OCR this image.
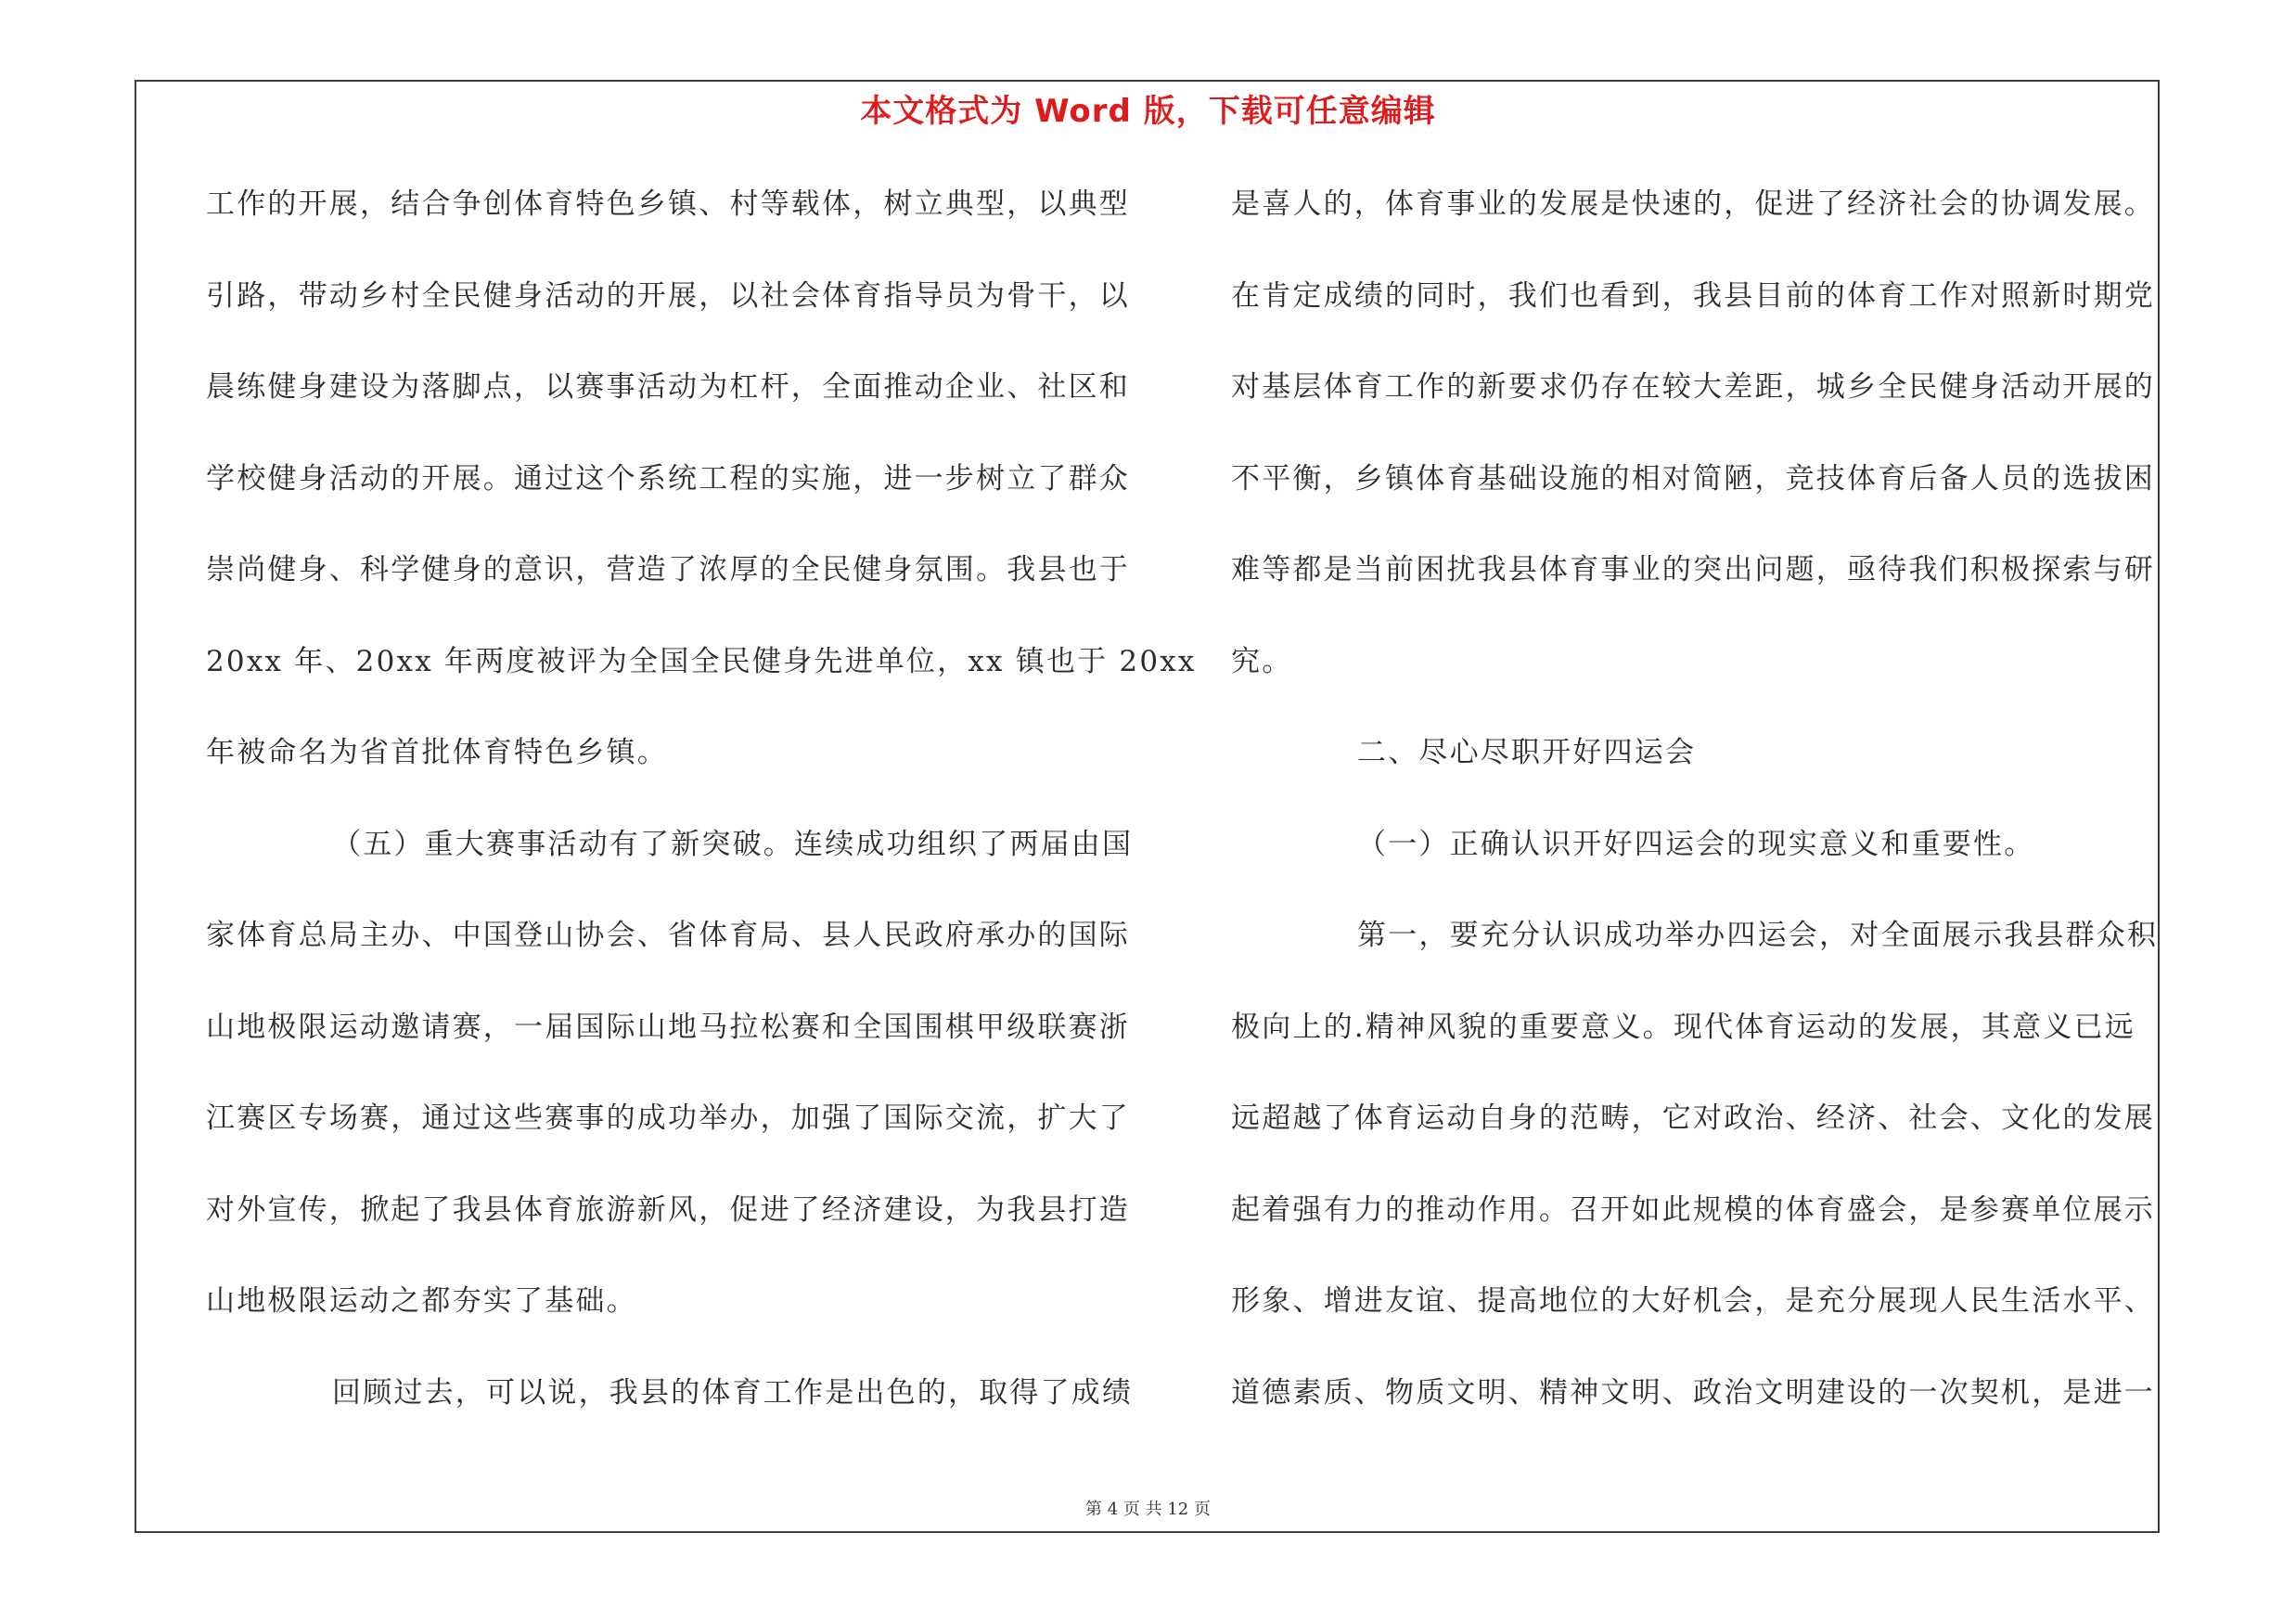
本文格式为 Word 版，下载可任意编辑
工作的开展，结合争创体育特色乡镇、村等载体，树立典型，以典型
引路，带动乡村全民健身活动的开展，以社会体育指导员为骨干，以
晨练健身建设为落脚点，以赛事活动为杠杆，全面推动企业、社区和
学校健身活动的开展。通过这个系统工程的实施，进一步树立了群众
崇尚健身、科学健身的意识，营造了浓厚的全民健身氛围。我县也于
20xx 年、20xx 年两度被评为全国全民健身先进单位，xx 镇也于 20xx
年被命名为省首批体育特色乡镇。
（五）重大赛事活动有了新突破。连续成功组织了两届由国
家体育总局主办、中国登山协会、省体育局、县人民政府承办的国际
山地极限运动邀请赛，一届国际山地马拉松赛和全国围棋甲级联赛浙
江赛区专场赛，通过这些赛事的成功举办，加强了国际交流，扩大了
对外宣传，掀起了我县体育旅游新风，促进了经济建设，为我县打造
山地极限运动之都夯实了基础。
回顾过去，可以说，我县的体育工作是出色的，取得了成绩
是喜人的，体育事业的发展是快速的，促进了经济社会的协调发展。
在肯定成绩的同时，我们也看到，我县目前的体育工作对照新时期党
对基层体育工作的新要求仍存在较大差距，城乡全民健身活动开展的
不平衡，乡镇体育基础设施的相对简陋，竞技体育后备人员的选拔困
难等都是当前困扰我县体育事业的突出问题，亟待我们积极探索与研
究。
二、尽心尽职开好四运会
（一）正确认识开好四运会的现实意义和重要性。
第一，要充分认识成功举办四运会，对全面展示我县群众积
极向上的.精神风貌的重要意义。现代体育运动的发展，其意义已远
远超越了体育运动自身的范畴，它对政治、经济、社会、文化的发展
起着强有力的推动作用。召开如此规模的体育盛会，是参赛单位展示
形象、增进友谊、提高地位的大好机会，是充分展现人民生活水平、
道德素质、物质文明、精神文明、政治文明建设的一次契机，是进一
第 4 页 共 12 页
